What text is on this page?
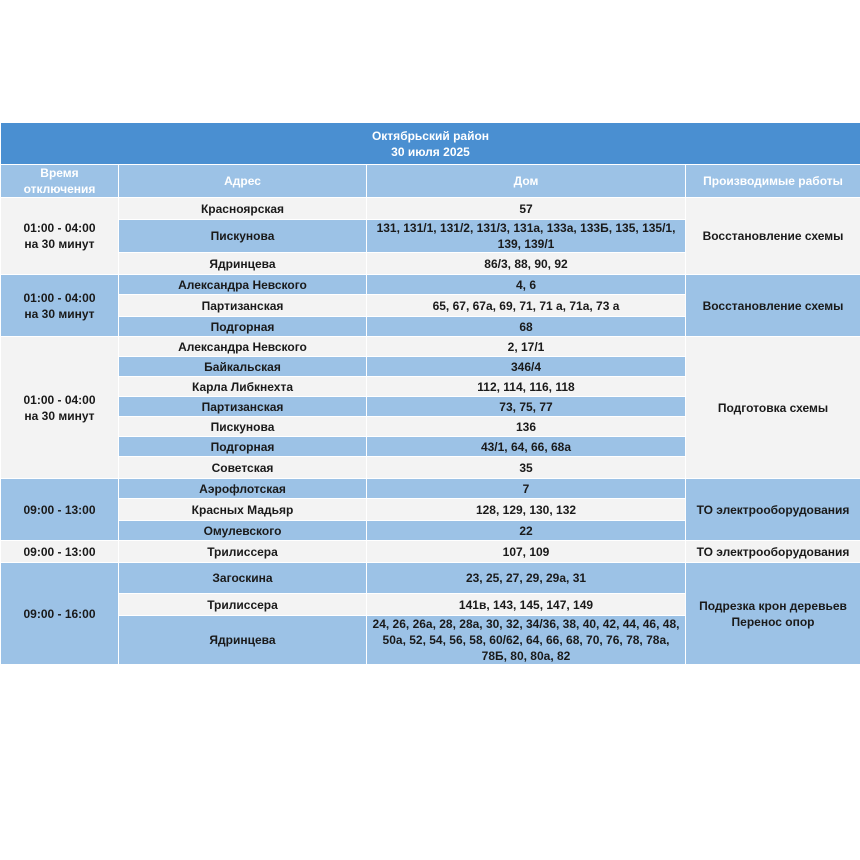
Октябрьский район
30 июля 2025			

Время отключения	Адрес	Дом	Производимые работы

01:00 - 04:00
на 30 минут	Красноярская	57	Восстановление схемы

	Пискунова	131, 131/1, 131/2, 131/3, 131а, 133а, 133Б, 135, 135/1, 139, 139/1	
	Ядринцева	86/3, 88, 90, 92	

01:00 - 04:00
на 30 минут	Александра Невского	4, 6	Восстановление схемы

	Партизанская	65, 67, 67а, 69, 71, 71 а, 71а, 73 а	
	Подгорная	68	

01:00 - 04:00
на 30 минут	Александра Невского	2, 17/1	Подготовка схемы

	Байкальская	346/4	
	Карла Либкнехта	112, 114, 116, 118	
	Партизанская	73, 75, 77	
	Пискунова	136	
	Подгорная	43/1, 64, 66, 68а	
	Советская	35	

09:00 - 13:00	Аэрофлотская	7	ТО электрооборудования

	Красных Мадьяр	128, 129, 130, 132	
	Омулевского	22	

09:00 - 13:00	Трилиссера	107, 109	ТО электрооборудования

09:00 - 16:00	Загоскина	23, 25, 27, 29, 29а, 31	Подрезка крон деревьев
Перенос опор

	Трилиссера	141в, 143, 145, 147, 149	
	Ядринцева	24, 26, 26а, 28, 28а, 30, 32, 34/36, 38, 40, 42, 44, 46, 48, 50а, 52, 54, 56, 58, 60/62, 64, 66, 68, 70, 76, 78, 78а, 78Б, 80, 80а, 82	
